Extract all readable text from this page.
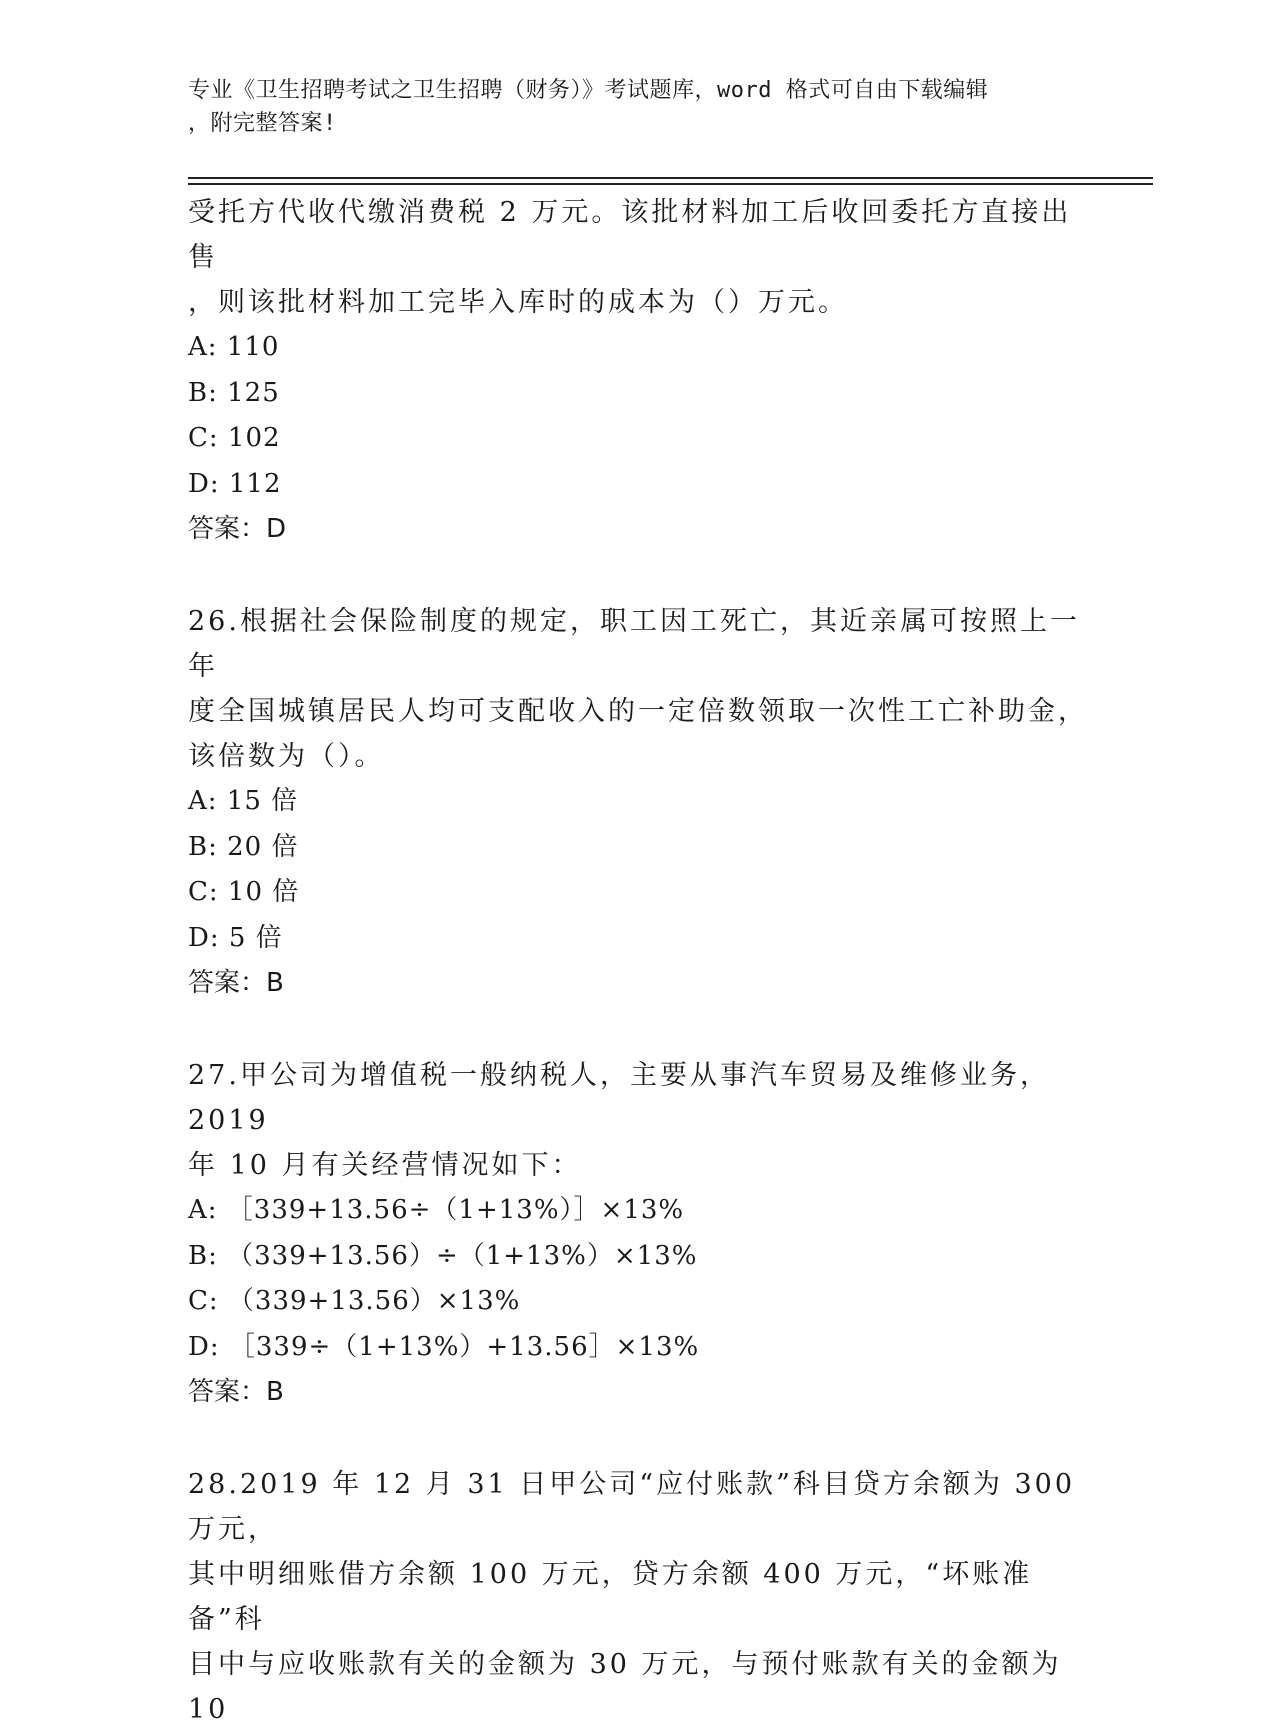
专业《卫生招聘考试之卫生招聘（财务）》考试题库，word 格式可自由下载编辑
，附完整答案!

受托方代收代缴消费税 2 万元。该批材料加工后收回委托方直接出售

，则该批材料加工完毕入库时的成本为（）万元。

A: 110

B: 125

C: 102

D: 112

答案：D

26.根据社会保险制度的规定，职工因工死亡，其近亲属可按照上一年

度全国城镇居民人均可支配收入的一定倍数领取一次性工亡补助金，

该倍数为（）。

A: 15 倍

B: 20 倍

C: 10 倍

D: 5 倍

答案：B

27.甲公司为增值税一般纳税人，主要从事汽车贸易及维修业务，2019

年 10 月有关经营情况如下：

A: ［339+13.56÷（1+13%）］×13%

B: （339+13.56）÷（1+13%）×13%

C: （339+13.56）×13%

D: ［339÷（1+13%）+13.56］×13%

答案：B

28.2019 年 12 月 31 日甲公司“应付账款”科目贷方余额为 300 万元，

其中明细账借方余额 100 万元，贷方余额 400 万元，“坏账准备”科

目中与应收账款有关的金额为 30 万元，与预付账款有关的金额为 10
